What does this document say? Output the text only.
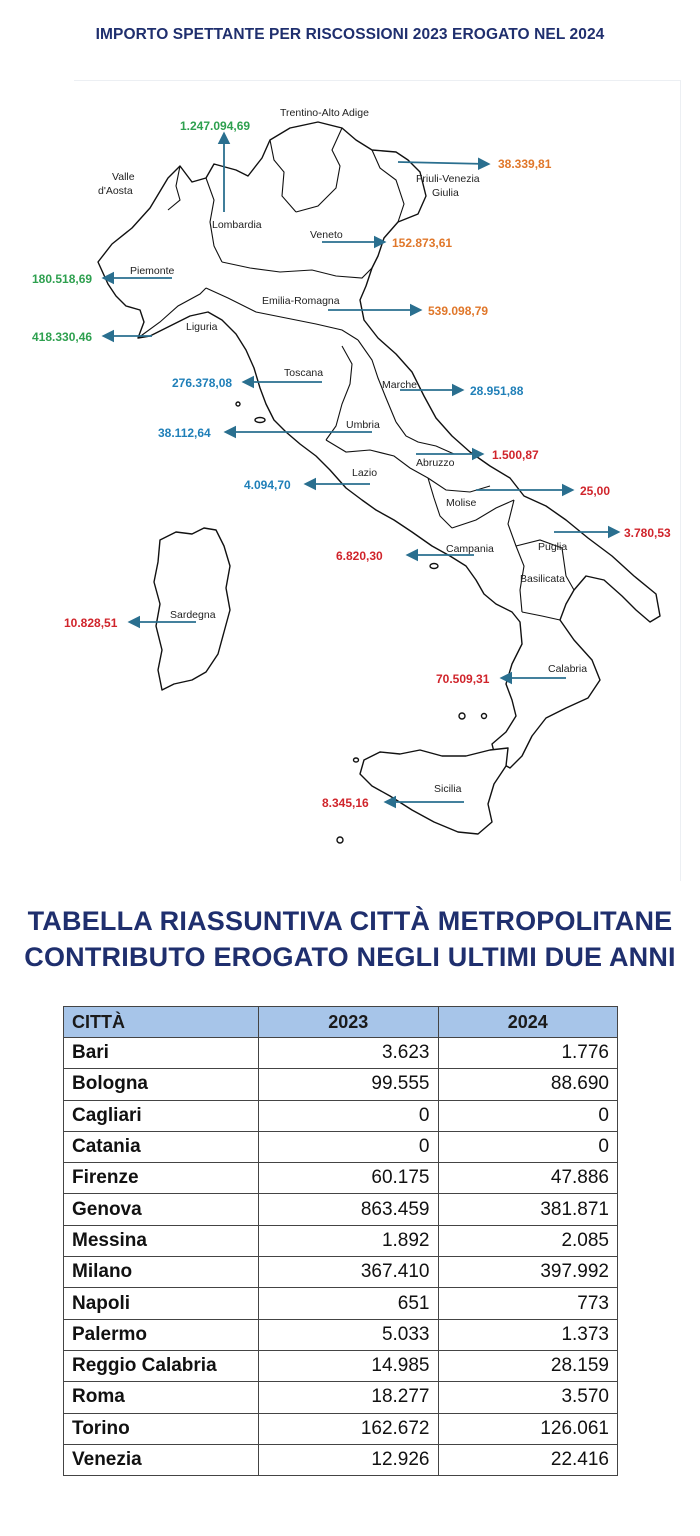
IMPORTO SPETTANTE PER RISCOSSIONI 2023 EROGATO NEL 2024
Trentino-Alto Adige
Valle
d'Aosta
Lombardia
Friuli-Venezia
Giulia
Veneto
Piemonte
Emilia-Romagna
Liguria
Toscana
Marche
Umbria
Abruzzo
Lazio
Molise
Campania	Puglia
Basilicata
Sardegna
Calabria
Sicilia
1.247.094,69
38.339,81
152.873,61
180.518,69
539.098,79
418.330,46
276.378,08
28.951,88
38.112,64
1.500,87
4.094,70	25,00
3.780,53
6.820,30
10.828,51
70.509,31
8.345,16
TABELLA RIASSUNTIVA CITTÀ METROPOLITANE
CONTRIBUTO EROGATO NEGLI ULTIMI DUE ANNI
CITTÀ	2023	2024
Bari	3.623	1.776
Bologna	99.555	88.690
Cagliari	0	0
Catania	0	0
Firenze	60.175	47.886
Genova	863.459	381.871
Messina	1.892	2.085
Milano	367.410	397.992
Napoli	651	773
Palermo	5.033	1.373
Reggio Calabria	14.985	28.159
Roma	18.277	3.570
Torino	162.672	126.061
Venezia	12.926	22.416
